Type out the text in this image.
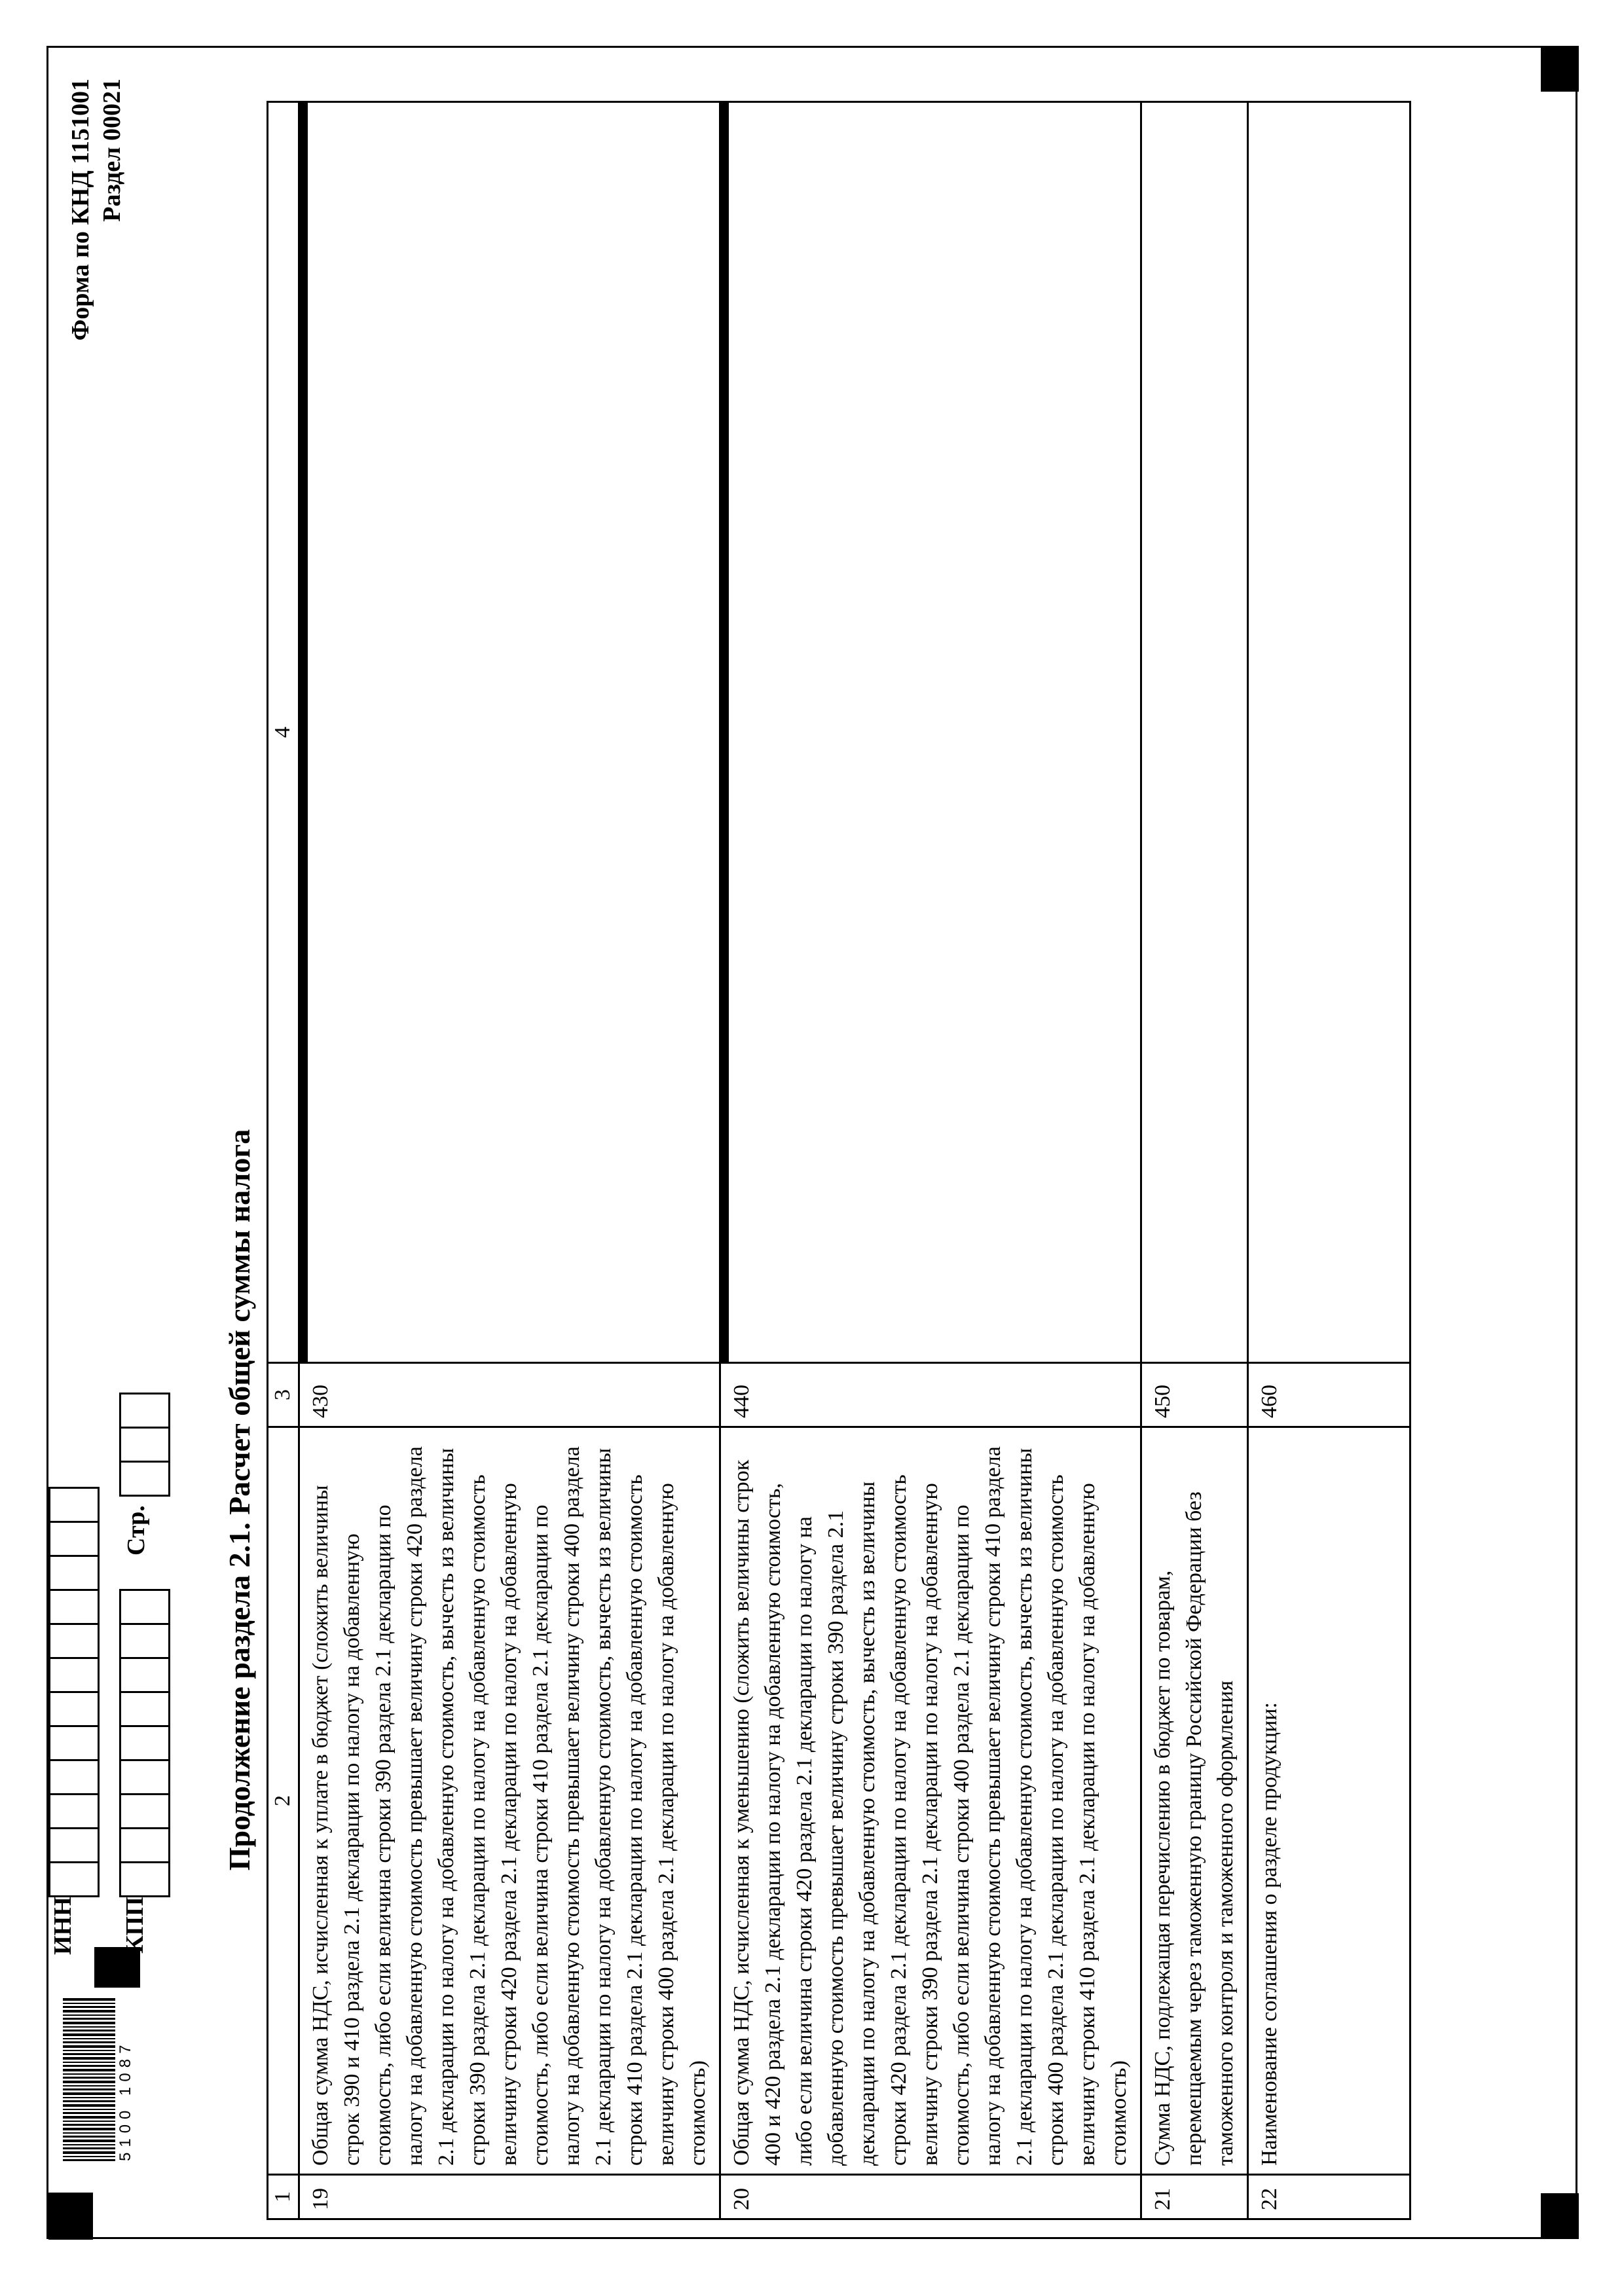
5100 1087
ИНН КПП
Стр.
Форма по КНД 1151001 Раздел 00021
Продолжение раздела 2.1. Расчет общей суммы налога
1	2	3	4
19	Общая сумма НДС, исчисленная к уплате в бюджет (сложить величины строк 390 и 410 раздела 2.1 декларации по налогу на добавленную стоимость, либо если величина строки 390 раздела 2.1 декларации по налогу на добавленную стоимость превышает величину строки 420 раздела 2.1 декларации по налогу на добавленную стоимость, вычесть из величины строки 390 раздела 2.1 декларации по налогу на добавленную стоимость величину строки 420 раздела 2.1 декларации по налогу на добавленную стоимость, либо если величина строки 410 раздела 2.1 декларации по налогу на добавленную стоимость превышает величину строки 400 раздела 2.1 декларации по налогу на добавленную стоимость, вычесть из величины строки 410 раздела 2.1 декларации по налогу на добавленную стоимость величину строки 400 раздела 2.1 декларации по налогу на добавленную стоимость)	430	

20	Общая сумма НДС, исчисленная к уменьшению (сложить величины строк 400 и 420 раздела 2.1 декларации по налогу на добавленную стоимость, либо если величина строки 420 раздела 2.1 декларации по налогу на добавленную стоимость превышает величину строки 390 раздела 2.1 декларации по налогу на добавленную стоимость, вычесть из величины строки 420 раздела 2.1 декларации по налогу на добавленную стоимость величину строки 390 раздела 2.1 декларации по налогу на добавленную стоимость, либо если величина строки 400 раздела 2.1 декларации по налогу на добавленную стоимость превышает величину строки 410 раздела 2.1 декларации по налогу на добавленную стоимость, вычесть из величины строки 400 раздела 2.1 декларации по налогу на добавленную стоимость величину строки 410 раздела 2.1 декларации по налогу на добавленную стоимость)	440	

21	Сумма НДС, подлежащая перечислению в бюджет по товарам, перемещаемым через таможенную границу Российской Федерации без таможенного контроля и таможенного оформления	450	
22	Наименование соглашения о разделе продукции:	460	
